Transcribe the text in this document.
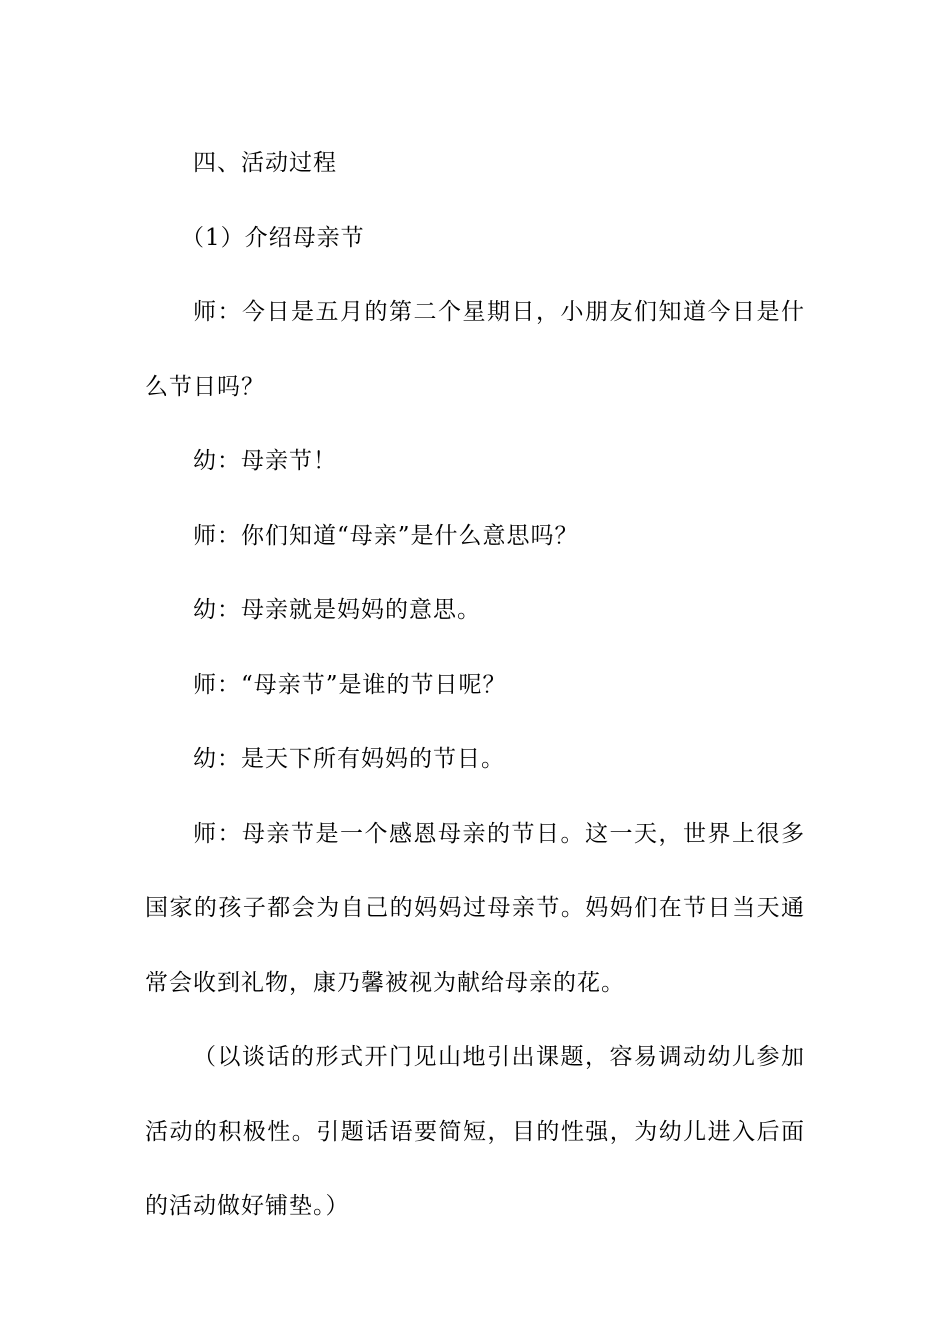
四、活动过程

（1）介绍母亲节

师：今日是五月的第二个星期日，小朋友们知道今日是什么节日吗？

幼：母亲节！

师：你们知道“母亲”是什么意思吗？

幼：母亲就是妈妈的意思。

师：“母亲节”是谁的节日呢？

幼：是天下所有妈妈的节日。

师：母亲节是一个感恩母亲的节日。这一天，世界上很多国家的孩子都会为自己的妈妈过母亲节。妈妈们在节日当天通常会收到礼物，康乃馨被视为献给母亲的花。

（以谈话的形式开门见山地引出课题，容易调动幼儿参加活动的积极性。引题话语要简短，目的性强，为幼儿进入后面的活动做好铺垫。）
